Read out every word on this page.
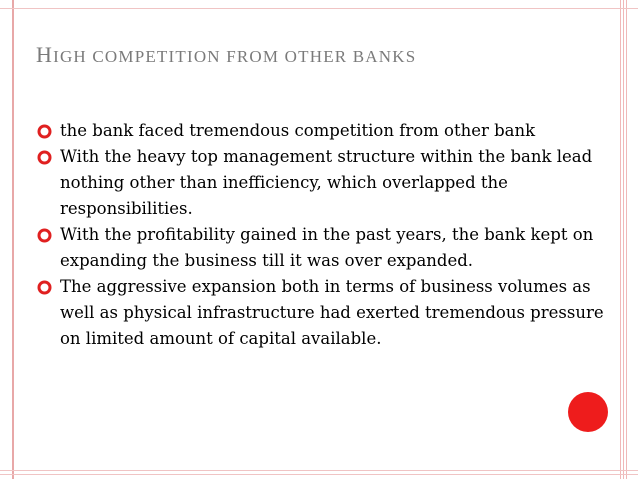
HIGH COMPETITION FROM OTHER BANKS
the bank faced tremendous competition from other bank
With the heavy top management structure within the bank lead nothing other than inefficiency, which overlapped the responsibilities.
With the profitability gained in the past years, the bank kept on expanding the business till it was over expanded.
The aggressive expansion both in terms of business volumes as well as physical infrastructure had exerted tremendous pressure on limited amount of capital available.
